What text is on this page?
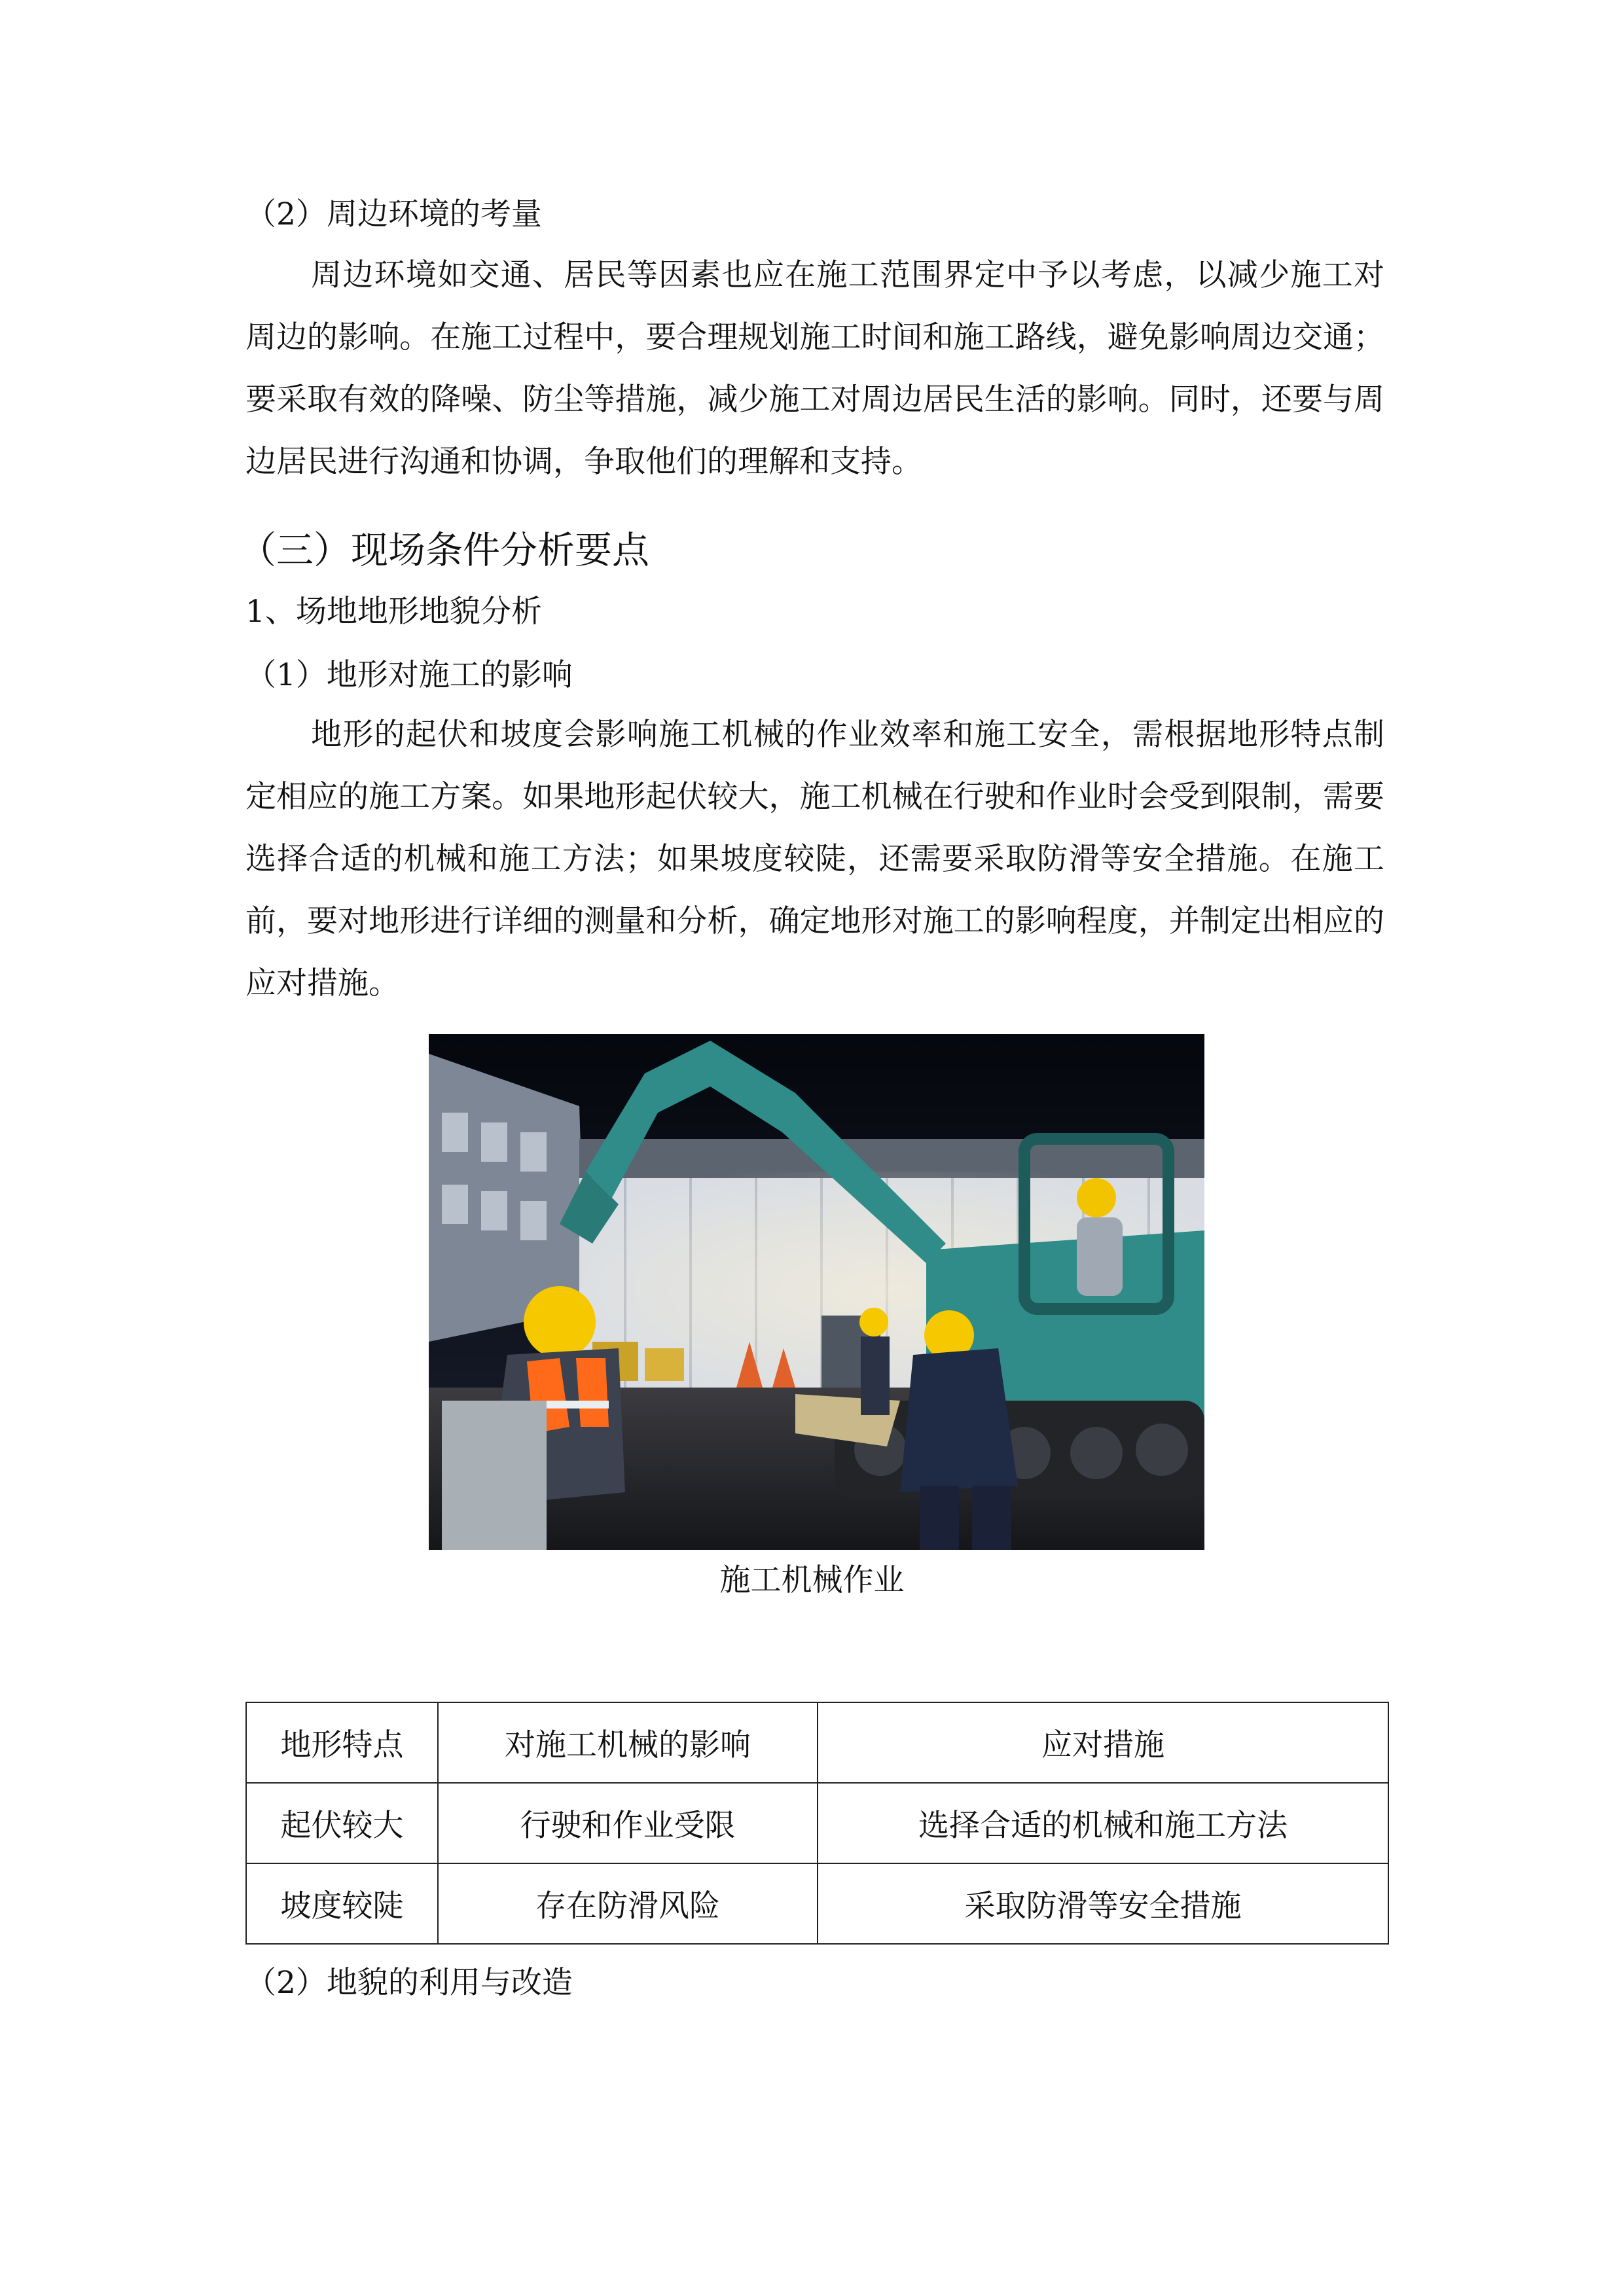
（2）周边环境的考量
周边环境如交通、居民等因素也应在施工范围界定中予以考虑，以减少施工对周边的影响。在施工过程中，要合理规划施工时间和施工路线，避免影响周边交通；要采取有效的降噪、防尘等措施，减少施工对周边居民生活的影响。同时，还要与周边居民进行沟通和协调，争取他们的理解和支持。
（三）现场条件分析要点
1、场地地形地貌分析
（1）地形对施工的影响
地形的起伏和坡度会影响施工机械的作业效率和施工安全，需根据地形特点制定相应的施工方案。如果地形起伏较大，施工机械在行驶和作业时会受到限制，需要选择合适的机械和施工方法；如果坡度较陡，还需要采取防滑等安全措施。在施工前，要对地形进行详细的测量和分析，确定地形对施工的影响程度，并制定出相应的应对措施。
施工机械作业
地形特点	对施工机械的影响	应对措施
起伏较大	行驶和作业受限	选择合适的机械和施工方法
坡度较陡	存在防滑风险	采取防滑等安全措施
（2）地貌的利用与改造
